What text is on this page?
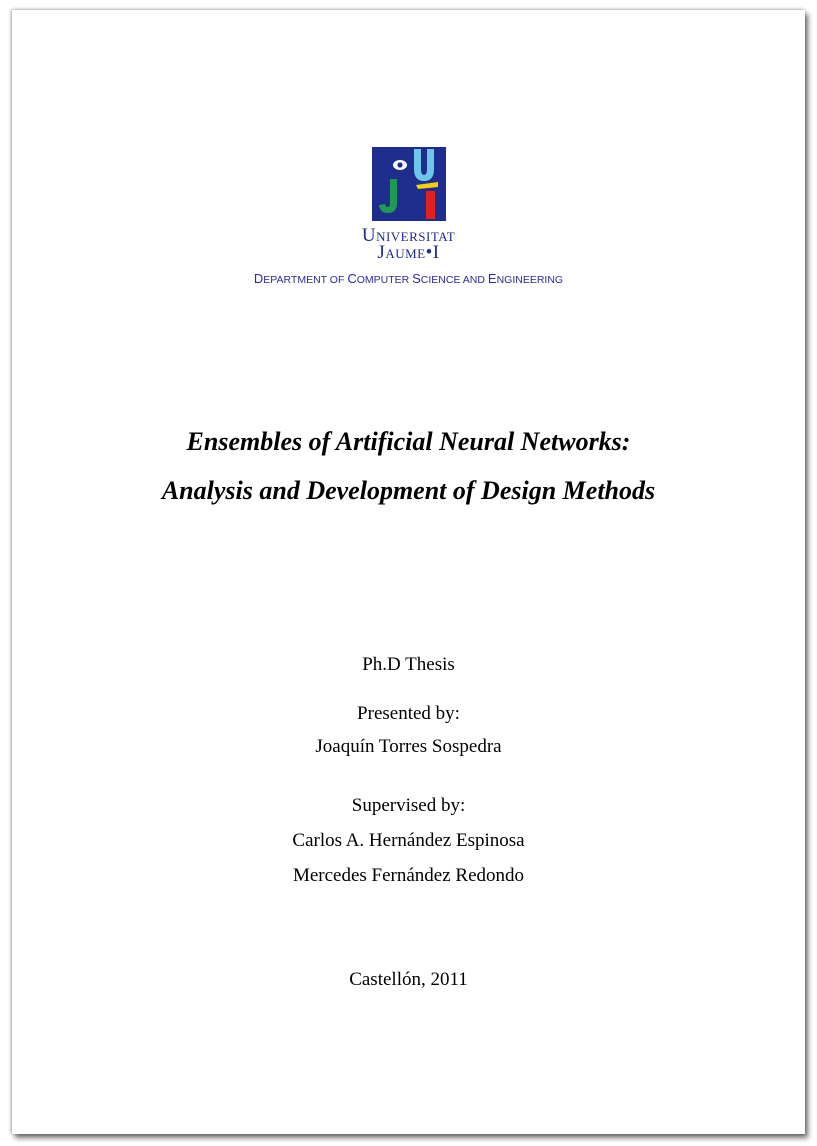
UNIVERSITAT
JAUME•I
DEPARTMENT OF COMPUTER SCIENCE AND ENGINEERING
Ensembles of Artificial Neural Networks:
Analysis and Development of Design Methods
Ph.D Thesis
Presented by:
Joaquín Torres Sospedra
Supervised by:
Carlos A. Hernández Espinosa
Mercedes Fernández Redondo
Castellón, 2011
